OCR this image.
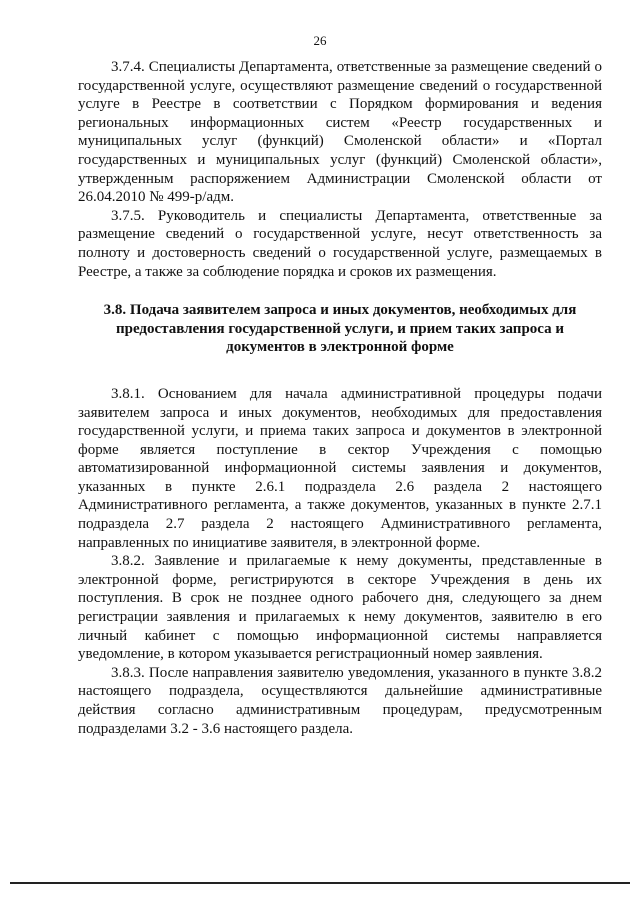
26

3.7.4. Специалисты Департамента, ответственные за размещение сведений о государственной услуге, осуществляют размещение сведений о государственной услуге в Реестре в соответствии с Порядком формирования и ведения региональных информационных систем «Реестр государственных и муниципальных услуг (функций) Смоленской области» и «Портал государственных и муниципальных услуг (функций) Смоленской области», утвержденным распоряжением Администрации Смоленской области от 26.04.2010 № 499-р/адм.

3.7.5. Руководитель и специалисты Департамента, ответственные за размещение сведений о государственной услуге, несут ответственность за полноту и достоверность сведений о государственной услуге, размещаемых в Реестре, а также за соблюдение порядка и сроков их размещения.

3.8. Подача заявителем запроса и иных документов, необходимых для предоставления государственной услуги, и прием таких запроса и документов в электронной форме

3.8.1. Основанием для начала административной процедуры подачи заявителем запроса и иных документов, необходимых для предоставления государственной услуги, и приема таких запроса и документов в электронной форме является поступление в сектор Учреждения с помощью автоматизированной информационной системы заявления и документов, указанных в пункте 2.6.1 подраздела 2.6 раздела 2 настоящего Административного регламента, а также документов, указанных в пункте 2.7.1 подраздела 2.7 раздела 2 настоящего Административного регламента, направленных по инициативе заявителя, в электронной форме.

3.8.2. Заявление и прилагаемые к нему документы, представленные в электронной форме, регистрируются в секторе Учреждения в день их поступления. В срок не позднее одного рабочего дня, следующего за днем регистрации заявления и прилагаемых к нему документов, заявителю в его личный кабинет с помощью информационной системы направляется уведомление, в котором указывается регистрационный номер заявления.

3.8.3. После направления заявителю уведомления, указанного в пункте 3.8.2 настоящего подраздела, осуществляются дальнейшие административные действия согласно административным процедурам, предусмотренным подразделами 3.2 - 3.6 настоящего раздела.
